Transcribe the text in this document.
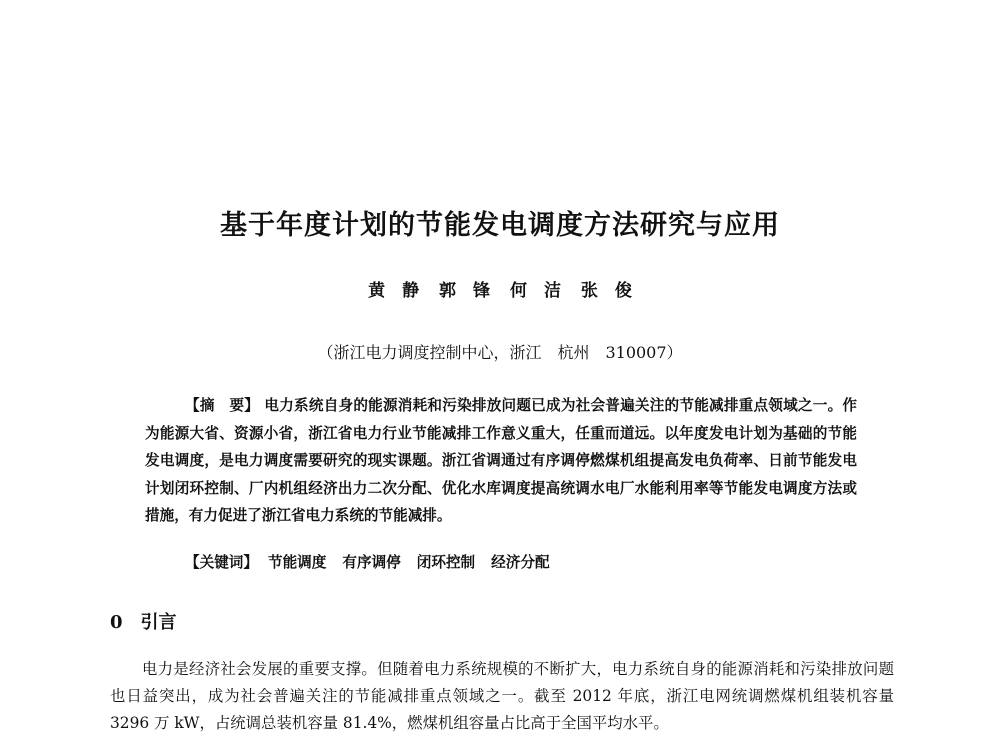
基于年度计划的节能发电调度方法研究与应用
黄　静 郭　锋 何　洁 张　俊
（浙江电力调度控制中心，浙江　杭州　310007）
【摘　要】 电力系统自身的能源消耗和污染排放问题已成为社会普遍关注的节能减排重点领域之一。作为能源大省、资源小省，浙江省电力行业节能减排工作意义重大，任重而道远。以年度发电计划为基础的节能发电调度，是电力调度需要研究的现实课题。浙江省调通过有序调停燃煤机组提高发电负荷率、日前节能发电计划闭环控制、厂内机组经济出力二次分配、优化水库调度提高统调水电厂水能利用率等节能发电调度方法或措施，有力促进了浙江省电力系统的节能减排。
【关键词】 节能调度 有序调停 闭环控制 经济分配
0 引言
电力是经济社会发展的重要支撑。但随着电力系统规模的不断扩大，电力系统自身的能源消耗和污染排放问题也日益突出，成为社会普遍关注的节能减排重点领域之一。截至 2012 年底，浙江电网统调燃煤机组装机容量 3296 万 kW，占统调总装机容量 81.4%，燃煤机组容量占比高于全国平均水平。
